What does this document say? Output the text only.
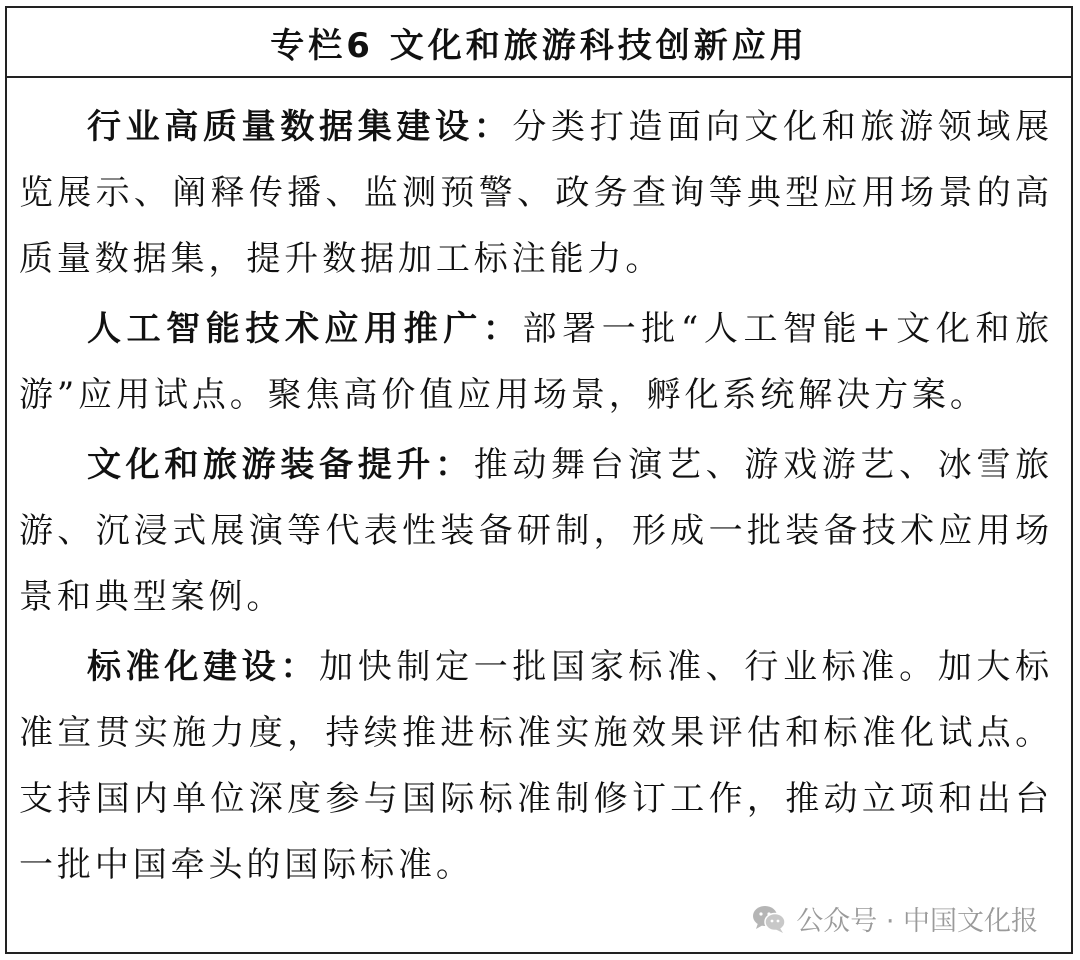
专栏6 文化和旅游科技创新应用

行业高质量数据集建设：分类打造面向文化和旅游领域展览展示、阐释传播、监测预警、政务查询等典型应用场景的高质量数据集，提升数据加工标注能力。

人工智能技术应用推广：部署一批“人工智能+文化和旅游”应用试点。聚焦高价值应用场景，孵化系统解决方案。

文化和旅游装备提升：推动舞台演艺、游戏游艺、冰雪旅游、沉浸式展演等代表性装备研制，形成一批装备技术应用场景和典型案例。

标准化建设：加快制定一批国家标准、行业标准。加大标准宣贯实施力度，持续推进标准实施效果评估和标准化试点。支持国内单位深度参与国际标准制修订工作，推动立项和出台一批中国牵头的国际标准。

公众号 · 中国文化报
